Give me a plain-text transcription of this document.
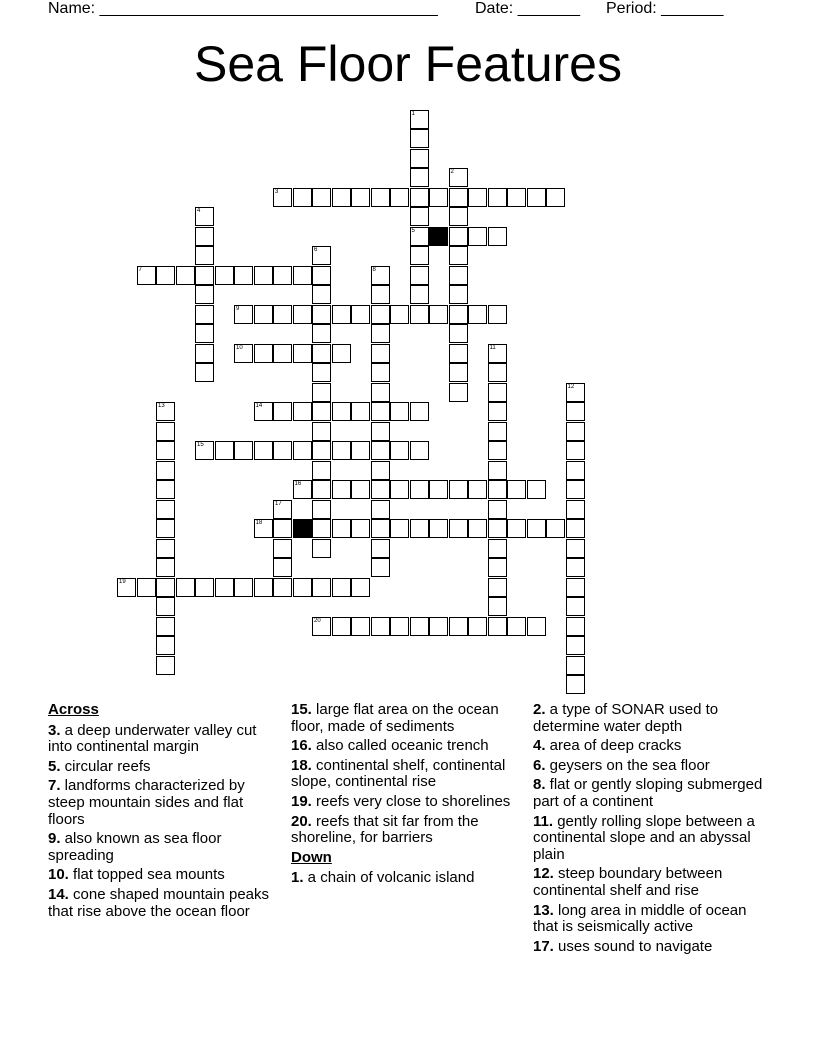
Name: ______________________________________ Date: _______ Period: _______
Sea Floor Features
3
5
7
9
10
14
15
16
18
19
20
1
2
4
6
8
11
12
13
17
Across
3. a deep underwater valley cut into continental margin
5. circular reefs
7. landforms characterized by steep mountain sides and flat floors
9. also known as sea floor spreading
10. flat topped sea mounts
14. cone shaped mountain peaks that rise above the ocean floor
15. large flat area on the ocean floor, made of sediments
16. also called oceanic trench
18. continental shelf, continental slope, continental rise
19. reefs very close to shorelines
20. reefs that sit far from the shoreline, for barriers
Down
1. a chain of volcanic island
2. a type of SONAR used to determine water depth
4. area of deep cracks
6. geysers on the sea floor
8. flat or gently sloping submerged part of a continent
11. gently rolling slope between a continental slope and an abyssal plain
12. steep boundary between continental shelf and rise
13. long area in middle of ocean that is seismically active
17. uses sound to navigate
